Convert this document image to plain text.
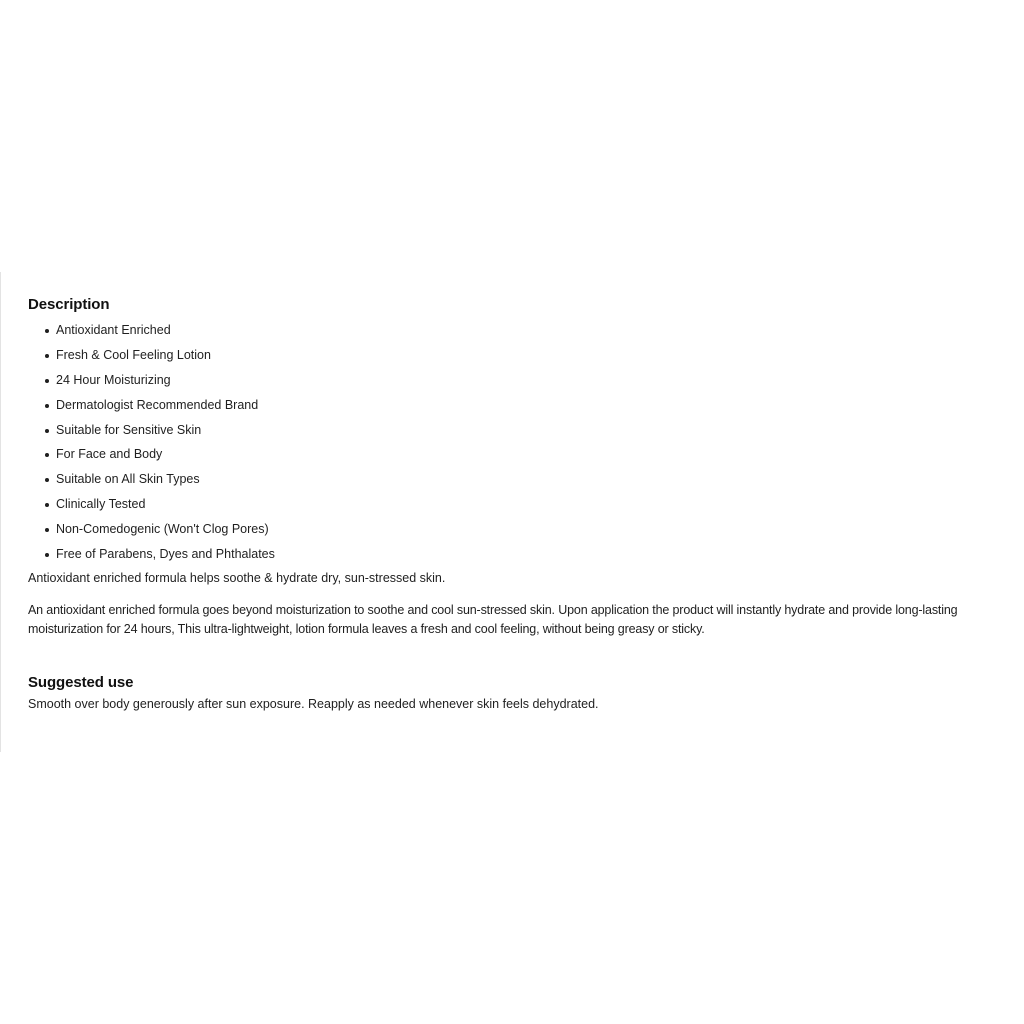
Description
Antioxidant Enriched
Fresh & Cool Feeling Lotion
24 Hour Moisturizing
Dermatologist Recommended Brand
Suitable for Sensitive Skin
For Face and Body
Suitable on All Skin Types
Clinically Tested
Non-Comedogenic (Won't Clog Pores)
Free of Parabens, Dyes and Phthalates

Antioxidant enriched formula helps soothe & hydrate dry, sun-stressed skin.

An antioxidant enriched formula goes beyond moisturization to soothe and cool sun-stressed skin. Upon application the product will instantly hydrate and provide long-lasting moisturization for 24 hours, This ultra-lightweight, lotion formula leaves a fresh and cool feeling, without being greasy or sticky.

Suggested use

Smooth over body generously after sun exposure. Reapply as needed whenever skin feels dehydrated.
